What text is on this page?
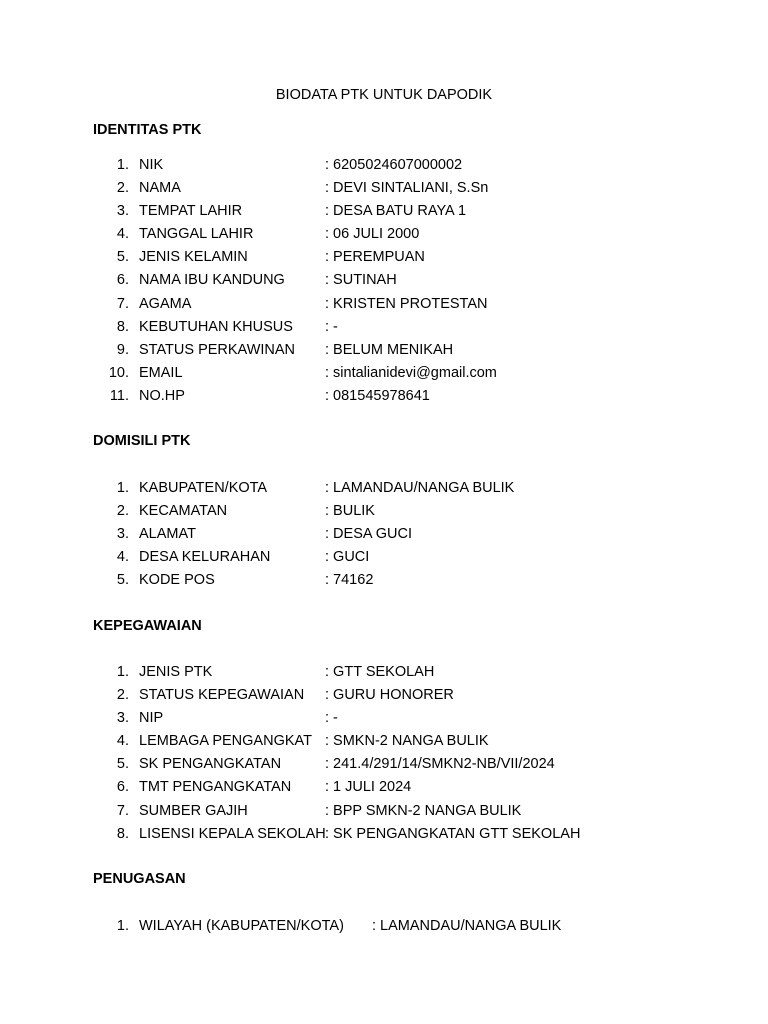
BIODATA PTK UNTUK DAPODIK
IDENTITAS PTK
1. NIK	: 6205024607000002
2. NAMA	: DEVI SINTALIANI, S.Sn
3. TEMPAT LAHIR	: DESA BATU RAYA 1
4. TANGGAL LAHIR	: 06 JULI 2000
5. JENIS KELAMIN	: PEREMPUAN
6. NAMA IBU KANDUNG	: SUTINAH
7. AGAMA	: KRISTEN PROTESTAN
8. KEBUTUHAN KHUSUS : -
9. STATUS PERKAWINAN : BELUM MENIKAH
10. EMAIL	: sintalianidevi@gmail.com
11. NO.HP	: 081545978641
DOMISILI PTK
1. KABUPATEN/KOTA	: LAMANDAU/NANGA BULIK
2. KECAMATAN	: BULIK
3. ALAMAT	: DESA GUCI
4. DESA KELURAHAN	: GUCI
5. KODE POS	: 74162
KEPEGAWAIAN
1. JENIS PTK	: GTT SEKOLAH
2. STATUS KEPEGAWAIAN : GURU HONORER
3. NIP	: -
4. LEMBAGA PENGANGKAT : SMKN-2 NANGA BULIK
5. SK PENGANGKATAN	: 241.4/291/14/SMKN2-NB/VII/2024
6. TMT PENGANGKATAN : 1 JULI 2024
7. SUMBER GAJIH	: BPP SMKN-2 NANGA BULIK
8. LISENSI KEPALA SEKOLAH : SK PENGANGKATAN GTT SEKOLAH
PENUGASAN
1. WILAYAH (KABUPATEN/KOTA) : LAMANDAU/NANGA BULIK
